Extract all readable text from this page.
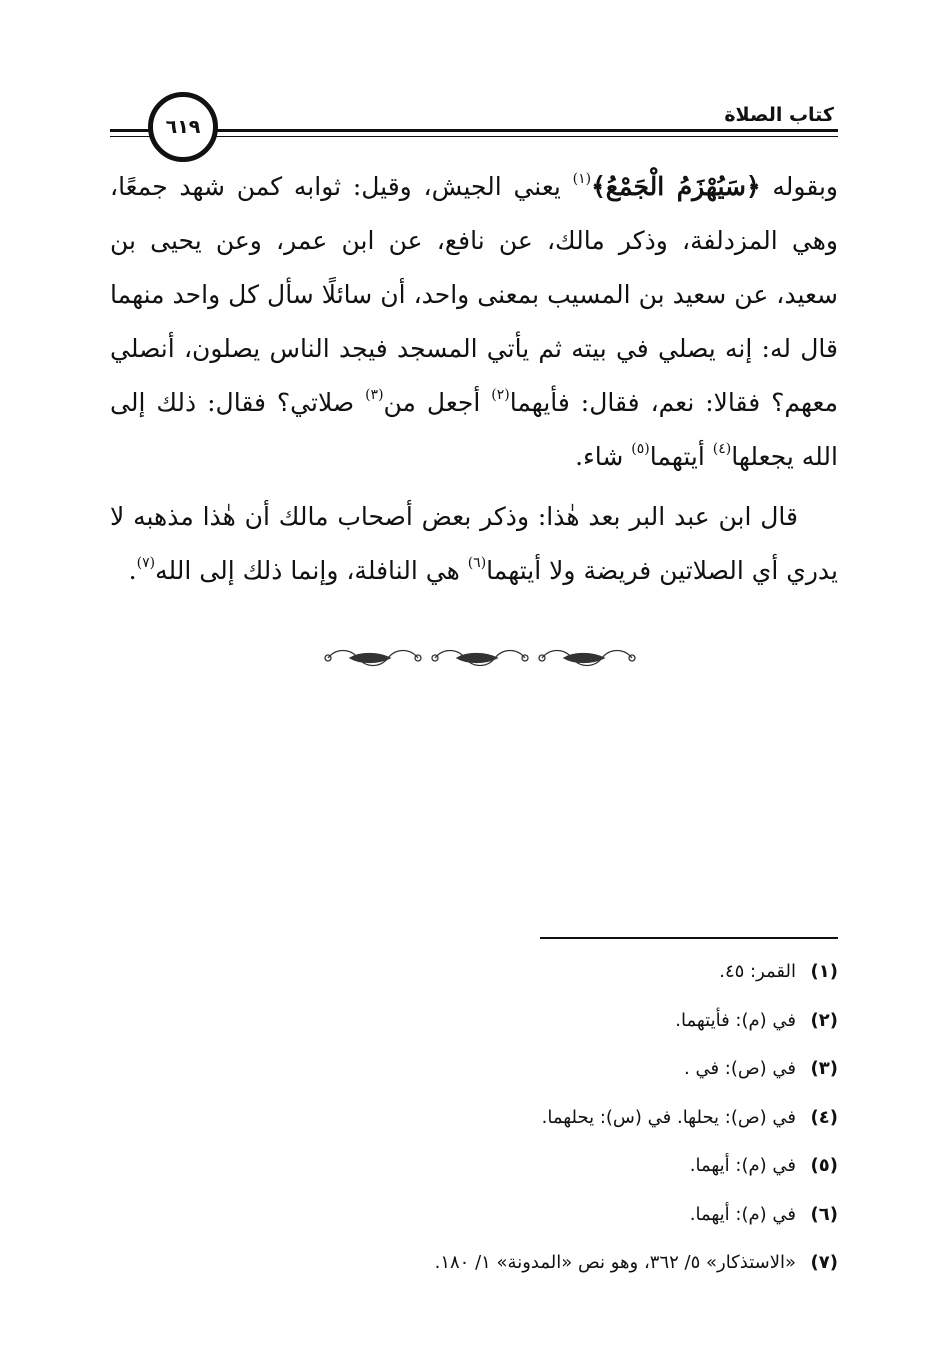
كتاب الصلاة
٦١٩

وبقوله ﴿سَيُهْزَمُ الْجَمْعُ﴾$^{(١)}$ يعني الجيش، وقيل: ثوابه كمن شهد جمعًا، وهي المزدلفة، وذكر مالك، عن نافع، عن ابن عمر، وعن يحيى بن سعيد، عن سعيد بن المسيب بمعنى واحد، أن سائلًا سأل كل واحد منهما قال له: إنه يصلي في بيته ثم يأتي المسجد فيجد الناس يصلون، أنصلي معهم؟ فقالا: نعم، فقال: فأيهما$^{(٢)}$ أجعل من$^{(٣)}$ صلاتي؟ فقال: ذلك إلى الله يجعلها$^{(٤)}$ أيتهما$^{(٥)}$ شاء.

قال ابن عبد البر بعد هٰذا: وذكر بعض أصحاب مالك أن هٰذا مذهبه لا يدري أي الصلاتين فريضة ولا أيتهما$^{(٦)}$ هي النافلة، وإنما ذلك إلى الله$^{(٧)}$.

(١)القمر: ٤٥.
(٢)في (م): فأيتهما.
(٣)في (ص): في .
(٤)في (ص): يحلها. في (س): يحلهما.
(٥)في (م): أيهما.
(٦)في (م): أيهما.
(٧)«الاستذكار» ٥/ ٣٦٢، وهو نص «المدونة» ١/ ١٨٠.
